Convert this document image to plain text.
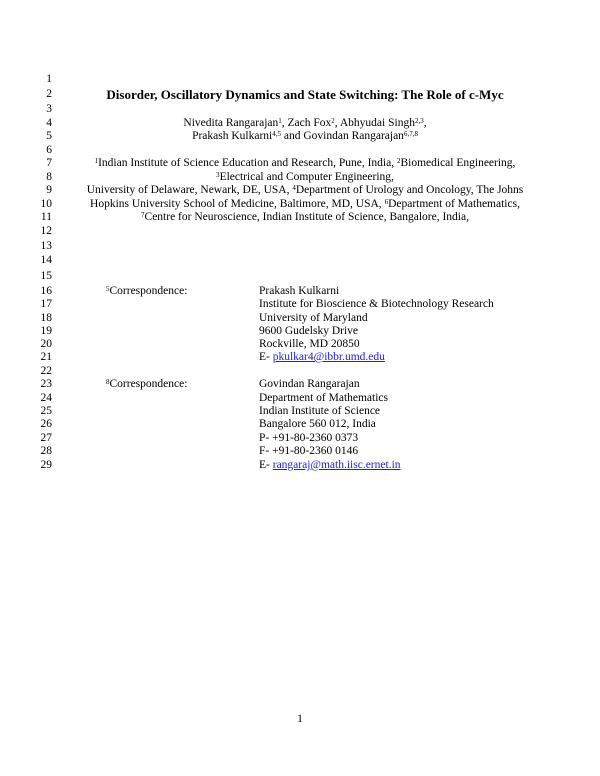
1
2
3
4
5
6
7
8
9
10
11
12
13
14
15
16
17
18
19
20
21
22
23
24
25
26
27
28
29
Disorder, Oscillatory Dynamics and State Switching: The Role of c-Myc
Nivedita Rangarajan$^1$, Zach Fox$^2$, Abhyudai Singh$^{2,3}$,
Prakash Kulkarni$^{4,5}$ and Govindan Rangarajan$^{6,7,8}$
$^1$Indian Institute of Science Education and Research, Pune, India, $^2$Biomedical Engineering,
$^3$Electrical and Computer Engineering,
University of Delaware, Newark, DE, USA, $^4$Department of Urology and Oncology, The Johns
Hopkins University School of Medicine, Baltimore, MD, USA, $^6$Department of Mathematics,
$^7$Centre for Neuroscience, Indian Institute of Science, Bangalore, India,
$^5$Correspondence:	Prakash Kulkarni
Institute for Bioscience & Biotechnology Research
University of Maryland
9600 Gudelsky Drive
Rockville, MD 20850
E- pkulkar4@ibbr.umd.edu
$^8$Correspondence:	Govindan Rangarajan
Department of Mathematics
Indian Institute of Science
Bangalore 560 012, India
P- +91-80-2360 0373
F- +91-80-2360 0146
E- rangaraj@math.iisc.ernet.in
1
